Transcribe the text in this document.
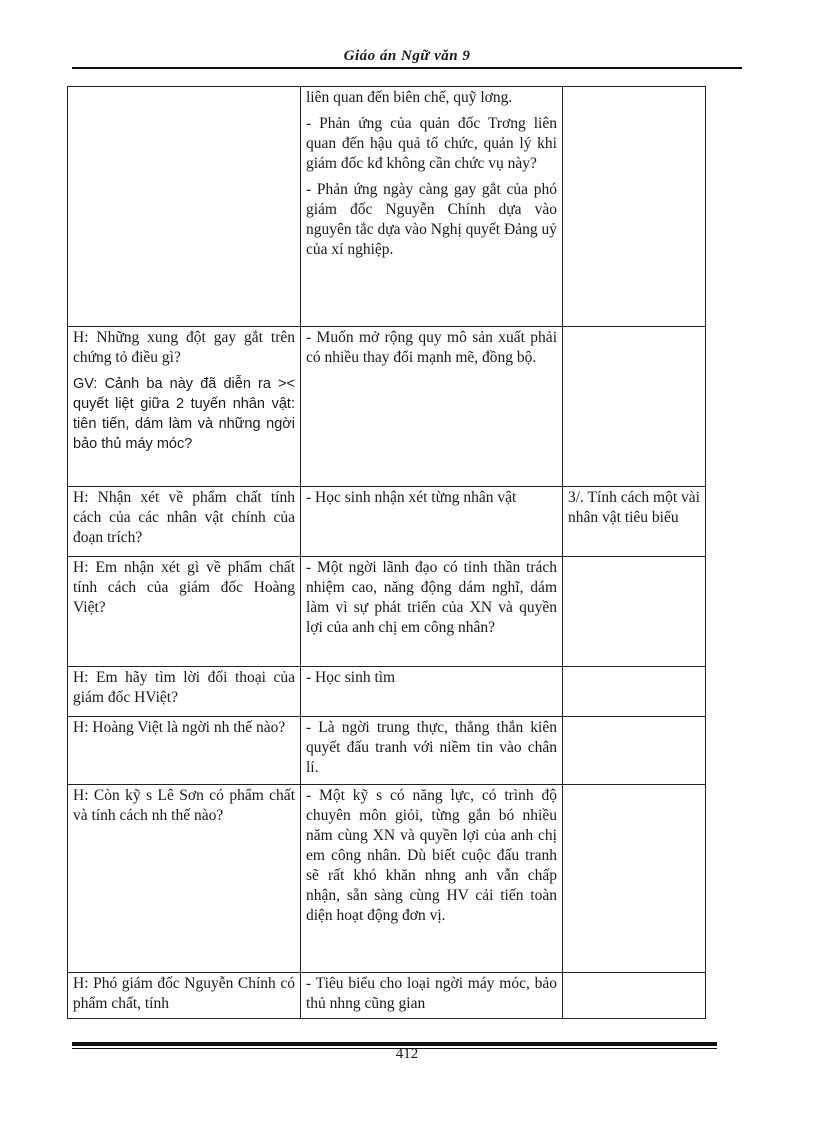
Giáo án Ngữ văn 9

	liên quan đến biên chế, quỹ lơng.

- Phản ứng của quản đốc Trơng liên quan đến hậu quả tổ chức, quản lý khi giám đốc kđ không cần chức vụ này?

- Phản ứng ngày càng gay gắt của phó giám đốc Nguyễn Chính dựa vào nguyên tắc dựa vào Nghị quyết Đảng uỷ của xí nghiệp.	

H: Những xung đột gay gắt trên chứng tỏ điều gì?

GV: Cảnh ba này đã diễn ra >< quyết liệt giữa 2 tuyến nhân vật: tiên tiến, dám làm và những ngời bảo thủ máy móc?	- Muốn mở rộng quy mô sản xuất phải có nhiều thay đổi mạnh mẽ, đồng bộ.	

H: Nhận xét về phẩm chất tính cách của các nhân vật chính của đoạn trích?	- Học sinh nhận xét từng nhân vật	3/. Tính cách một vài nhân vật tiêu biểu

H: Em nhận xét gì về phẩm chất tính cách của giám đốc Hoàng Việt?	- Một ngời lãnh đạo có tinh thần trách nhiệm cao, năng động dám nghĩ, dám làm vì sự phát triển của XN và quyền lợi của anh chị em công nhân?	

H: Em hãy tìm lời đối thoại của giám đốc HViệt?	- Học sinh tìm	

H: Hoàng Việt là ngời nh thế nào?	- Là ngời trung thực, thẳng thắn kiên quyết đấu tranh với niềm tin vào chân lí.	

H: Còn kỹ s Lê Sơn có phẩm chất và tính cách nh thế nào?	- Một kỹ s có năng lực, có trình độ chuyên môn giỏi, từng gắn bó nhiều năm cùng XN và quyền lợi của anh chị em công nhân. Dù biết cuộc đấu tranh sẽ rất khó khăn nhng anh vẫn chấp nhận, sẵn sàng cùng HV cải tiến toàn diện hoạt động đơn vị.	

H: Phó giám đốc Nguyễn Chính có phẩm chất, tính	- Tiêu biểu cho loại ngời máy móc, bảo thủ nhng cũng gian	

412
